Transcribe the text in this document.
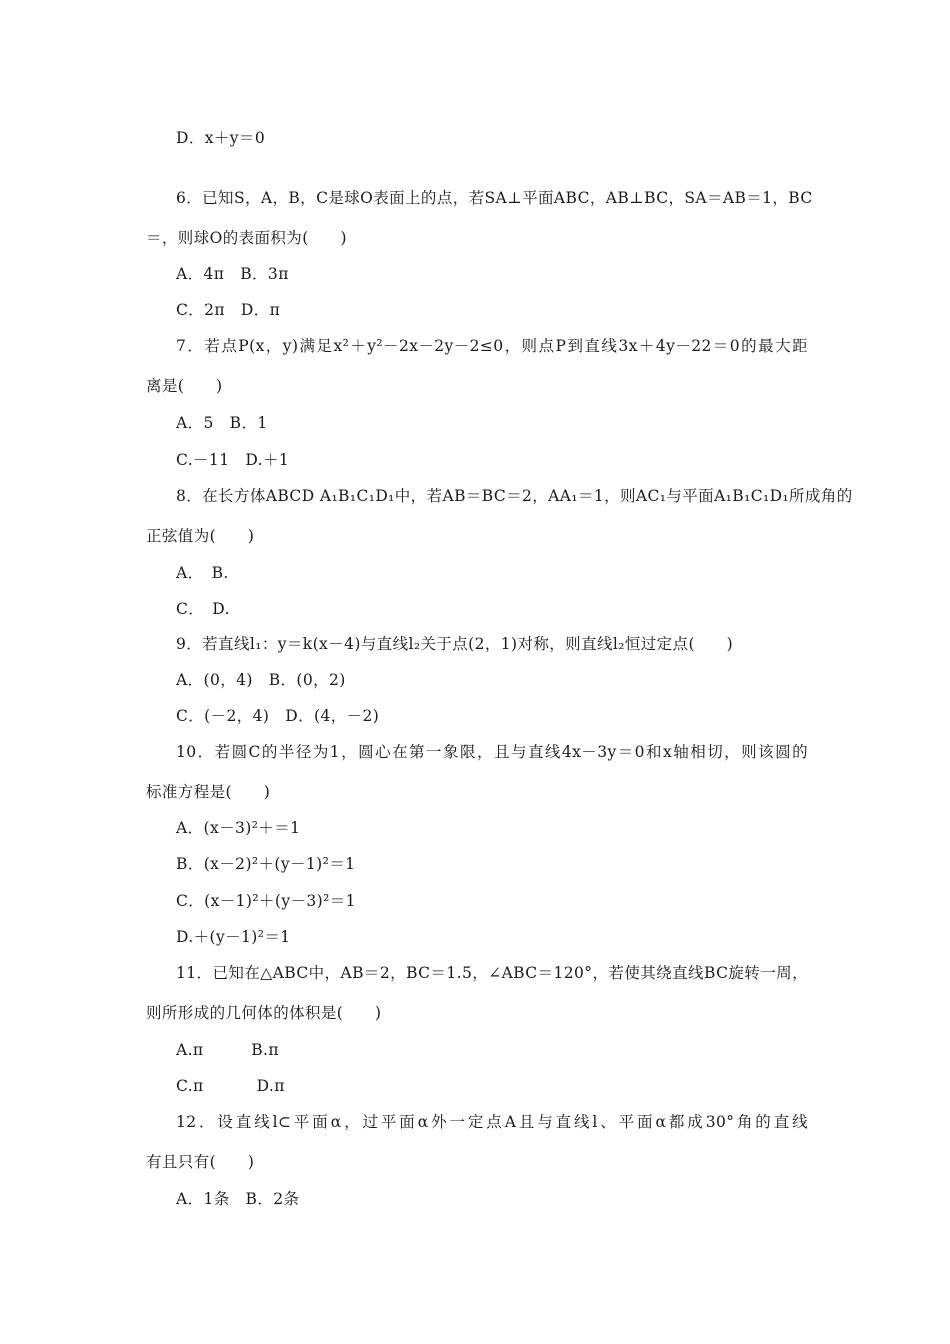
D．x＋y＝0
6．已知S，A，B，C是球O表面上的点，若SA⊥平面ABC，AB⊥BC，SA＝AB＝1，BC
＝，则球O的表面积为(　　)
A．4π　B．3π
C．2π　D．π
7．若点P(x，y)满足x²＋y²－2x－2y－2≤0，则点P到直线3x＋4y－22＝0的最大距
离是(　　)
A．5　B．1
C.－11　D.＋1
8．在长方体ABCD A₁B₁C₁D₁中，若AB＝BC＝2，AA₁＝1，则AC₁与平面A₁B₁C₁D₁所成角的
正弦值为(　　)
A．　B.
C．　D.
9．若直线l₁：y＝k(x－4)与直线l₂关于点(2，1)对称，则直线l₂恒过定点(　　)
A．(0，4)　B．(0，2)
C．(－2，4)　D．(4，－2)
10．若圆C的半径为1，圆心在第一象限，且与直线4x－3y＝0和x轴相切，则该圆的
标准方程是(　　)
A．(x－3)²＋＝1
B．(x－2)²＋(y－1)²＝1
C．(x－1)²＋(y－3)²＝1
D.＋(y－1)²＝1
11．已知在△ABC中，AB＝2，BC＝1.5，∠ABC＝120°，若使其绕直线BC旋转一周，
则所形成的几何体的体积是(　　)
A.π　　　B.π
C.π　　　 D.π
12．设直线l⊂平面α，过平面α外一定点A且与直线l、平面α都成30°角的直线
有且只有(　　)
A．1条　B．2条
